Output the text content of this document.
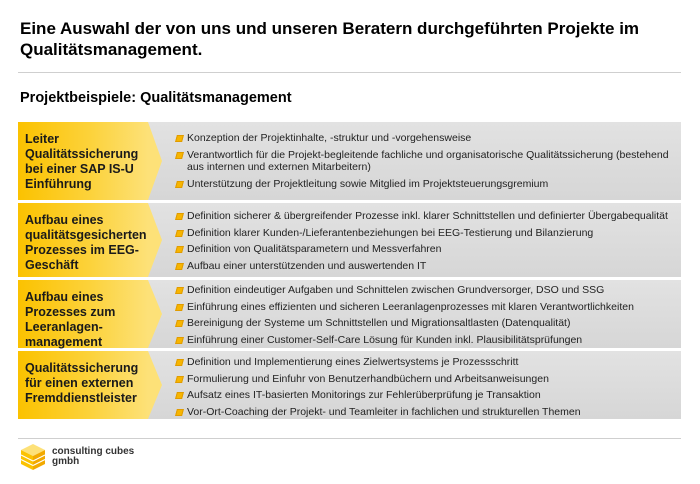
Eine Auswahl der von uns und unseren Beratern durchgeführten Projekte im Qualitätsmanagement.
Projektbeispiele: Qualitätsmanagement
Leiter Qualitätssicherung bei einer SAP IS-U Einführung
Konzeption der Projektinhalte, -struktur und -vorgehensweise
Verantwortlich für die Projekt-begleitende fachliche und organisatorische Qualitätssicherung (bestehend aus internen und externen Mitarbeitern)
Unterstützung der Projektleitung sowie Mitglied im Projektsteuerungsgremium
Aufbau eines qualitätsgesicherten Prozesses im EEG-Geschäft
Definition sicherer & übergreifender Prozesse inkl. klarer Schnittstellen und definierter Übergabequalität
Definition klarer Kunden-/Lieferantenbeziehungen bei EEG-Testierung und Bilanzierung
Definition von Qualitätsparametern und Messverfahren
Aufbau einer unterstützenden und auswertenden IT
Aufbau eines Prozesses zum Leeranlagen-management
Definition eindeutiger Aufgaben und Schnittelen zwischen Grundversorger, DSO und SSG
Einführung eines effizienten und sicheren Leeranlagenprozesses mit klaren Verantwortlichkeiten
Bereinigung der Systeme um Schnittstellen und Migrationsaltlasten (Datenqualität)
Einführung einer Customer-Self-Care Lösung für Kunden inkl. Plausibilitätsprüfungen
Qualitätssicherung für einen externen Fremddienstleister
Definition und Implementierung eines Zielwertsystems je Prozessschritt
Formulierung und Einfuhr von Benutzerhandbüchern und Arbeitsanweisungen
Aufsatz eines IT-basierten Monitorings zur Fehlerüberprüfung je Transaktion
Vor-Ort-Coaching der Projekt- und Teamleiter in fachlichen und strukturellen Themen
consulting cubes
gmbh
